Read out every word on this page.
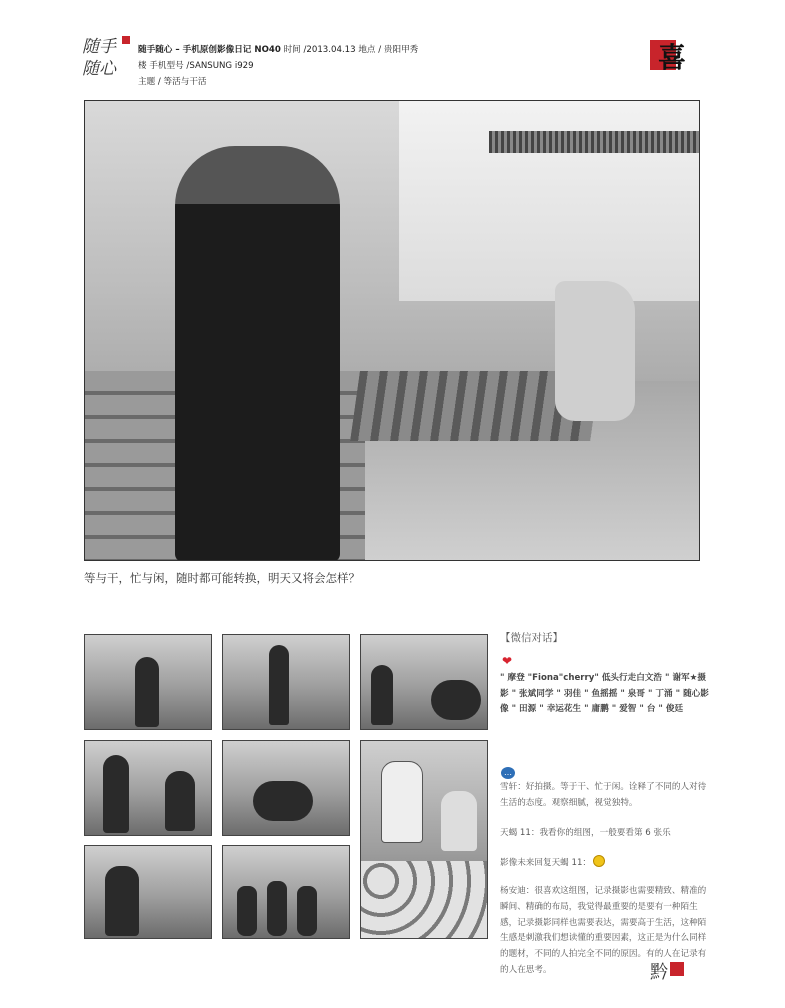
随手随心
随手随心 – 手机原创影像日记 NO40 时间 /2013.04.13 地点 / 贵阳甲秀
楼 手机型号 /SANSUNG i929
主题 / 等活与干活
喜
等与干，忙与闲，随时都可能转换，明天又将会怎样？
【微信对话】
❤
" 摩登 "Fiona"cherry" 低头行走白文浩 " 谢军★摄影 " 张斌同学 " 羽佳 " 鱼摇摇 " 泉哥 " 丁涌 " 随心影像 " 田源 " 幸运花生 " 庸鹏 " 爱智 " 台 " 俊廷
…
雪轩：好拍摄。等于干、忙于闲。诠释了不同的人对待生活的态度。观察细腻，视觉独特。
天蝎 11：我看你的组图，一般要看第 6 张乐
影像未来回复天蝎 11：
杨安迪：很喜欢这组图，记录摄影也需要精致、精准的瞬间、精确的布局，我觉得最重要的是要有一种陌生感，记录摄影同样也需要表达，需要高于生活，这种陌生感是刺激我们想读懂的重要因素，这正是为什么同样的题材，不同的人拍完全不同的原因。有的人在记录有的人在思考。	黔
